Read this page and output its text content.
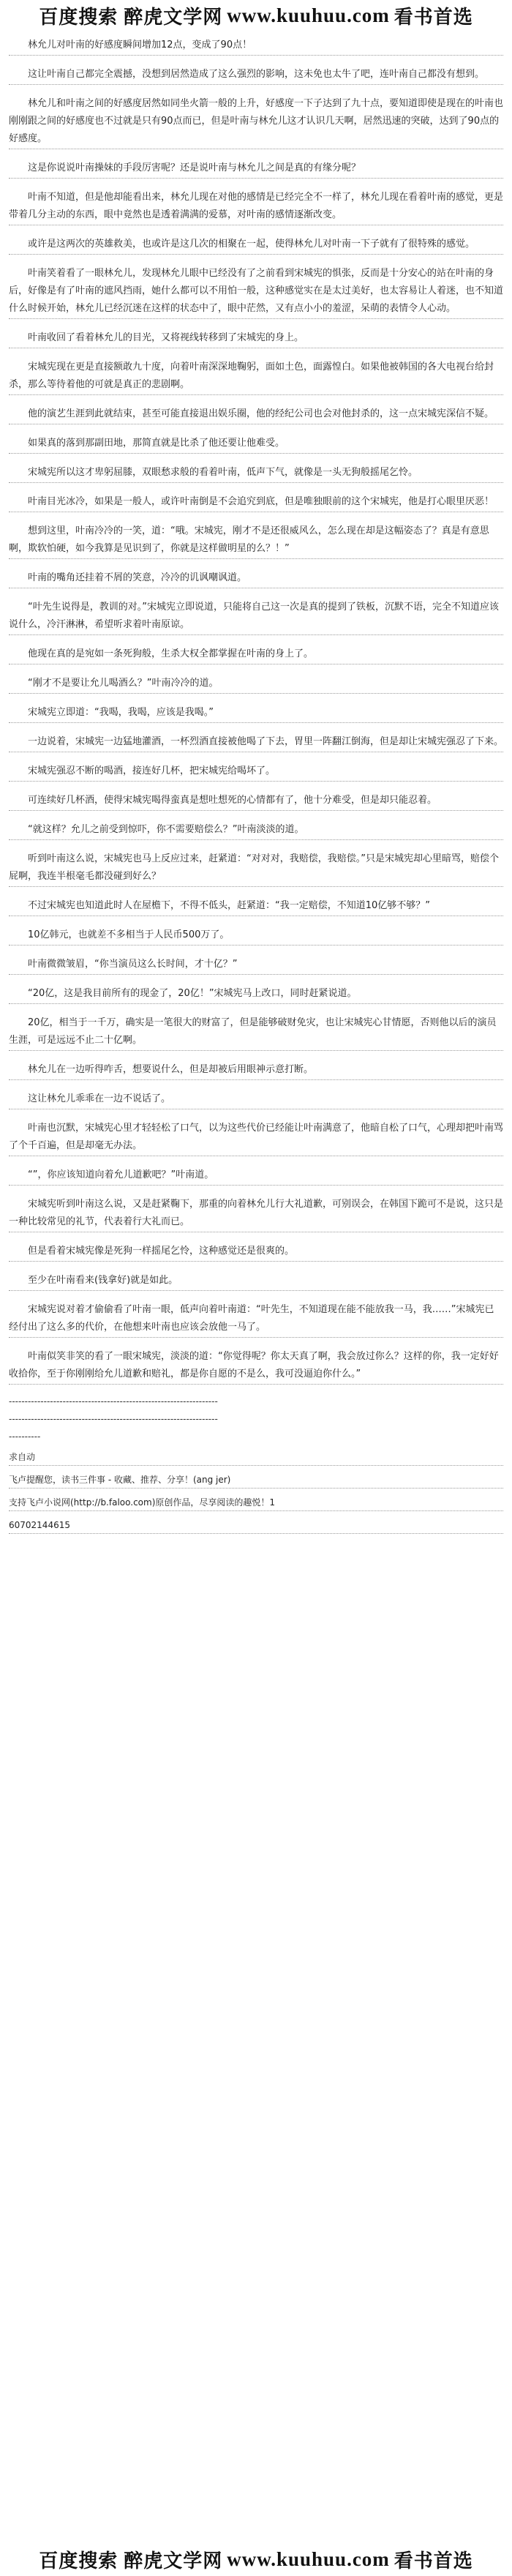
百度搜索 醉虎文学网 www.kuuhuu.com 看书首选

林允儿对叶南的好感度瞬间增加12点，变成了90点！

这让叶南自己都完全震撼，没想到居然造成了这么强烈的影响，这未免也太牛了吧，连叶南自己都没有想到。

林允儿和叶南之间的好感度居然如同坐火箭一般的上升，好感度一下子达到了九十点，要知道即使是现在的叶南也刚刚跟之间的好感度也不过就是只有90点而已，但是叶南与林允儿这才认识几天啊，居然迅速的突破，达到了90点的好感度。

这是你说说叶南操妹的手段厉害呢？还是说叶南与林允儿之间是真的有缘分呢？

叶南不知道，但是他却能看出来，林允儿现在对他的感情是已经完全不一样了，林允儿现在看着叶南的感觉，更是带着几分主动的东西，眼中竟然也是透着满满的爱慕，对叶南的感情逐渐改变。

或许是这两次的英雄救美，也或许是这几次的相聚在一起，使得林允儿对叶南一下子就有了很特殊的感觉。

叶南笑着看了一眼林允儿，发现林允儿眼中已经没有了之前看到宋城宪的惧张，反而是十分安心的站在叶南的身后，好像是有了叶南的遮风挡雨，她什么都可以不用怕一般，这种感觉实在是太过美好，也太容易让人着迷，也不知道什么时候开始，林允儿已经沉迷在这样的状态中了，眼中茫然，又有点小小的羞涩，呆萌的表情令人心动。

叶南收回了看着林允儿的目光，又将视线转移到了宋城宪的身上。

宋城宪现在更是直接额敢九十度，向着叶南深深地鞠躬，面如土色，面露惶白。如果他被韩国的各大电视台给封杀，那么等待着他的可就是真正的悲剧啊。

他的演艺生涯到此就结束，甚至可能直接退出娱乐圈，他的经纪公司也会对他封杀的，这一点宋城宪深信不疑。

如果真的落到那副田地，那简直就是比杀了他还要让他难受。

宋城宪所以这才卑躬屈膝，双眼愁求般的看着叶南，低声下气，就像是一头无狗般摇尾乞怜。

叶南目光冰冷，如果是一般人，或许叶南倒是不会追究到底，但是唯独眼前的这个宋城宪，他是打心眼里厌恶！

想到这里，叶南冷冷的一笑，道：“哦。宋城宪，刚才不是还很威风么，怎么现在却是这幅姿态了？真是有意思啊，欺软怕硬，如今我算是见识到了，你就是这样做明星的么？！”

叶南的嘴角还挂着不屑的笑意，冷冷的讥讽嘲讽道。

“叶先生说得是，教训的对。”宋城宪立即说道，只能将自己这一次是真的提到了铁板，沉默不语，完全不知道应该说什么，冷汗淋淋，希望听求着叶南原谅。

他现在真的是宛如一条死狗般，生杀大权全都掌握在叶南的身上了。

“刚才不是要让允儿喝酒么？”叶南冷冷的道。

宋城宪立即道：“我喝，我喝，应该是我喝。”

一边说着，宋城宪一边猛地灌酒，一杯烈酒直接被他喝了下去，胃里一阵翻江倒海，但是却让宋城宪强忍了下来。

宋城宪强忍不断的喝酒，接连好几杯，把宋城宪给喝坏了。

可连续好几杯酒，使得宋城宪喝得蛮真是想吐想死的心情都有了，他十分难受，但是却只能忍着。

“就这样？允儿之前受到惊吓，你不需要赔偿么？”叶南淡淡的道。

听到叶南这么说，宋城宪也马上反应过来，赶紧道：“对对对，我赔偿，我赔偿。”只是宋城宪却心里暗骂，赔偿个屁啊，我连半根毫毛都没碰到好么？

不过宋城宪也知道此时人在屋檐下，不得不低头，赶紧道：“我一定赔偿，不知道10亿够不够？”

10亿韩元，也就差不多相当于人民币500万了。

叶南微微皱眉，“你当演员这么长时间，才十亿？”

“20亿，这是我目前所有的现金了，20亿！”宋城宪马上改口，同时赶紧说道。

20亿，相当于一千万，确实是一笔很大的财富了，但是能够破财免灾，也让宋城宪心甘情愿，否则他以后的演员生涯，可是远远不止二十亿啊。

林允儿在一边听得咋舌，想要说什么，但是却被后用眼神示意打断。

这让林允儿乖乖在一边不说话了。

叶南也沉默，宋城宪心里才轻轻松了口气，以为这些代价已经能让叶南满意了，他暗自松了口气，心理却把叶南骂了个千百遍，但是却毫无办法。

“”，你应该知道向着允儿道歉吧？”叶南道。

宋城宪听到叶南这么说，又是赶紧鞠下，那重的向着林允儿行大礼道歉，可别误会，在韩国下跪可不是说，这只是一种比较常见的礼节，代表着行大礼而已。

但是看着宋城宪像是死狗一样摇尾乞怜，这种感觉还是很爽的。

至少在叶南看来(钱拿好)就是如此。

宋城宪说对着才偷偷看了叶南一眼，低声向着叶南道：“叶先生，不知道现在能不能放我一马，我……”宋城宪已经付出了这么多的代价，在他想来叶南也应该会放他一马了。

叶南似笑非笑的看了一眼宋城宪，淡淡的道：“你觉得呢？你太天真了啊，我会放过你么？这样的你，我一定好好收拾你，至于你刚刚给允儿道歉和赔礼，都是你自愿的不是么，我可没逼迫你什么。”

------------------------------------------------------------------
------------------------------------------------------------------
----------
求自动
飞卢提醒您，读书三件事 - 收藏、推荐、分享！(ang jer)
支持飞卢小说网(http://b.faloo.com)原创作品，尽享阅读的趣悦！1
60702144615
百度搜索 醉虎文学网 www.kuuhuu.com 看书首选
